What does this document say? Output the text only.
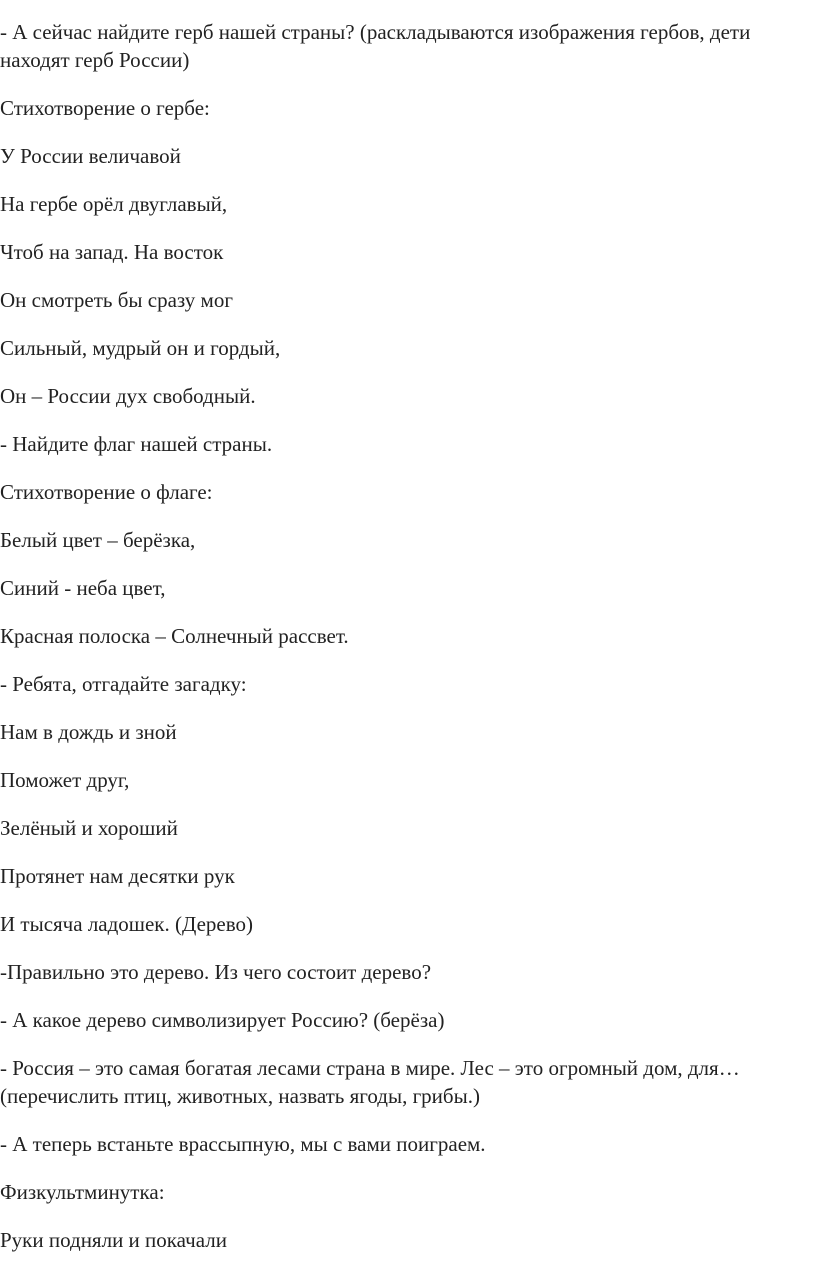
- А сейчас найдите герб нашей страны? (раскладываются изображения гербов, дети находят герб России)

Стихотворение о гербе:

У России величавой

На гербе орёл двуглавый,

Чтоб на запад. На восток

Он смотреть бы сразу мог

Сильный, мудрый он и гордый,

Он – России дух свободный.

- Найдите флаг нашей страны.

Стихотворение о флаге:

Белый цвет – берёзка,

Синий - неба цвет,

Красная полоска – Солнечный рассвет.

- Ребята, отгадайте загадку:

Нам в дождь и зной

Поможет друг,

Зелёный и хороший

Протянет нам десятки рук

И тысяча ладошек. (Дерево)

-Правильно это дерево. Из чего состоит дерево?

- А какое дерево символизирует Россию? (берёза)

- Россия – это самая богатая лесами страна в мире. Лес – это огромный дом, для… (перечислить птиц, животных, назвать ягоды, грибы.)

- А теперь встаньте врассыпную, мы с вами поиграем.

Физкультминутка:

Руки подняли и покачали
